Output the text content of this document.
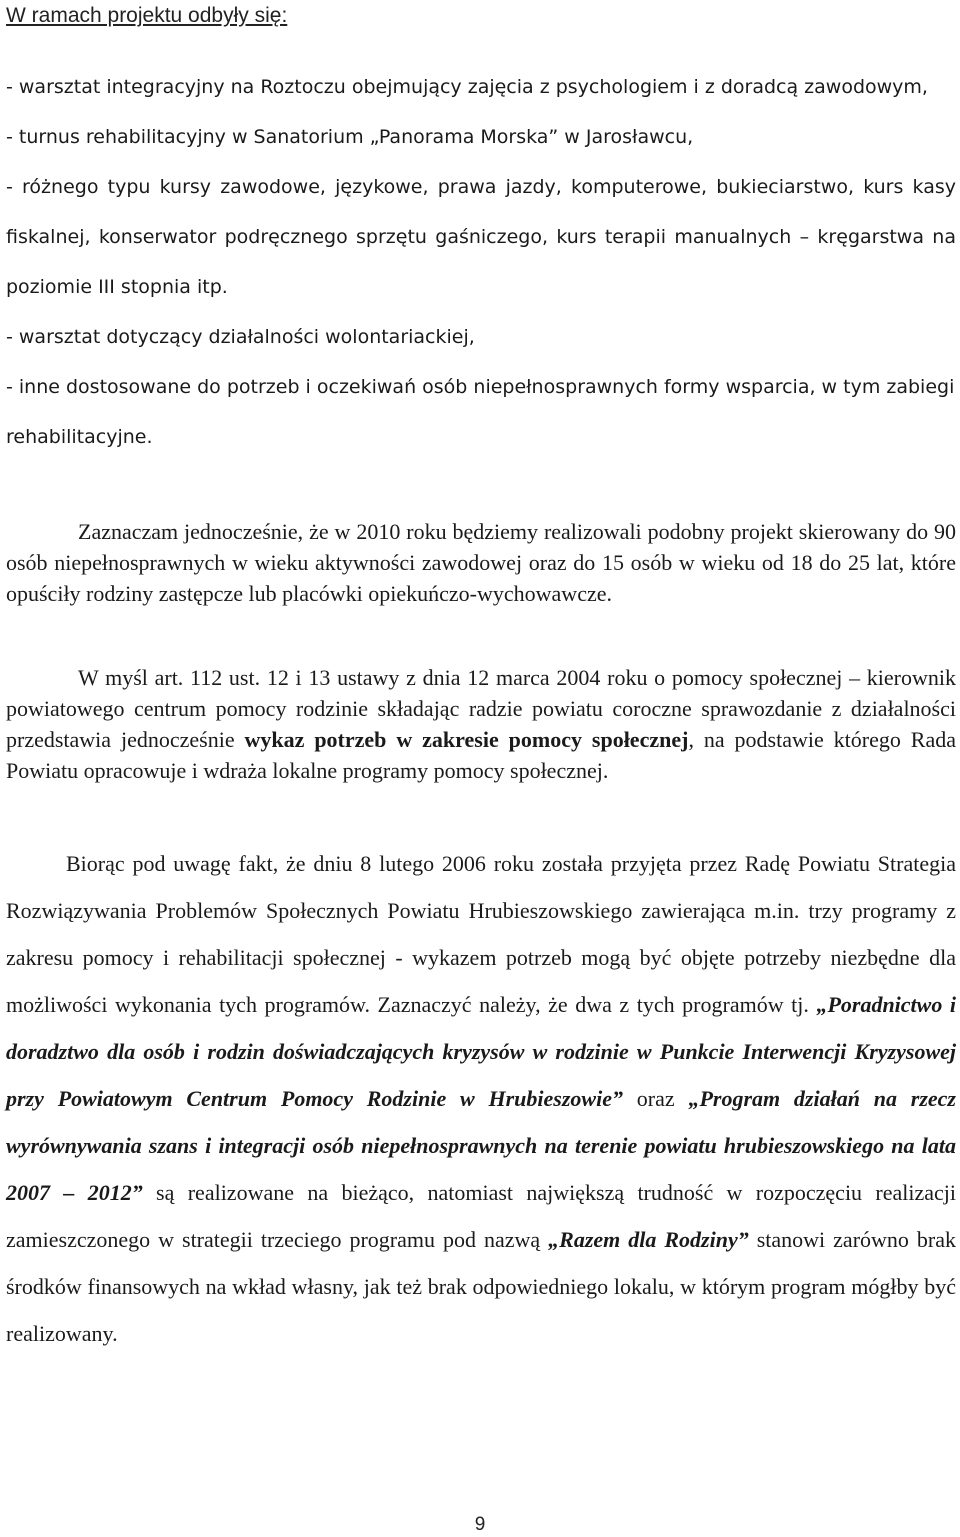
W ramach projektu odbyły się:
- warsztat integracyjny na Roztoczu obejmujący zajęcia z psychologiem i z doradcą zawodowym,
- turnus rehabilitacyjny w Sanatorium „Panorama Morska” w Jarosławcu,
- różnego typu kursy zawodowe, językowe, prawa jazdy, komputerowe, bukieciarstwo, kurs kasy fiskalnej, konserwator podręcznego sprzętu gaśniczego, kurs terapii manualnych – kręgarstwa na poziomie III stopnia itp.
- warsztat dotyczący działalności wolontariackiej,
- inne dostosowane do potrzeb i oczekiwań osób niepełnosprawnych formy wsparcia, w tym zabiegi rehabilitacyjne.
Zaznaczam jednocześnie, że w 2010 roku będziemy realizowali podobny projekt skierowany do 90 osób niepełnosprawnych w wieku aktywności zawodowej oraz do 15 osób w wieku od 18 do 25 lat, które opuściły rodziny zastępcze lub placówki opiekuńczo-wychowawcze.
W myśl art. 112 ust. 12 i 13 ustawy z dnia 12 marca 2004 roku o pomocy społecznej – kierownik powiatowego centrum pomocy rodzinie składając radzie powiatu coroczne sprawozdanie z działalności przedstawia jednocześnie wykaz potrzeb w zakresie pomocy społecznej, na podstawie którego Rada Powiatu opracowuje i wdraża lokalne programy pomocy społecznej.
Biorąc pod uwagę fakt, że dniu 8 lutego 2006 roku została przyjęta przez Radę Powiatu Strategia Rozwiązywania Problemów Społecznych Powiatu Hrubieszowskiego zawierająca m.in. trzy programy z zakresu pomocy i rehabilitacji społecznej - wykazem potrzeb mogą być objęte potrzeby niezbędne dla możliwości wykonania tych programów. Zaznaczyć należy, że dwa z tych programów tj. „Poradnictwo i doradztwo dla osób i rodzin doświadczających kryzysów w rodzinie w Punkcie Interwencji Kryzysowej przy Powiatowym Centrum Pomocy Rodzinie w Hrubieszowie” oraz „Program działań na rzecz wyrównywania szans i integracji osób niepełnosprawnych na terenie powiatu hrubieszowskiego na lata 2007 – 2012” są realizowane na bieżąco, natomiast największą trudność w rozpoczęciu realizacji zamieszczonego w strategii trzeciego programu pod nazwą „Razem dla Rodziny” stanowi zarówno brak środków finansowych na wkład własny, jak też brak odpowiedniego lokalu, w którym program mógłby być realizowany.
9
